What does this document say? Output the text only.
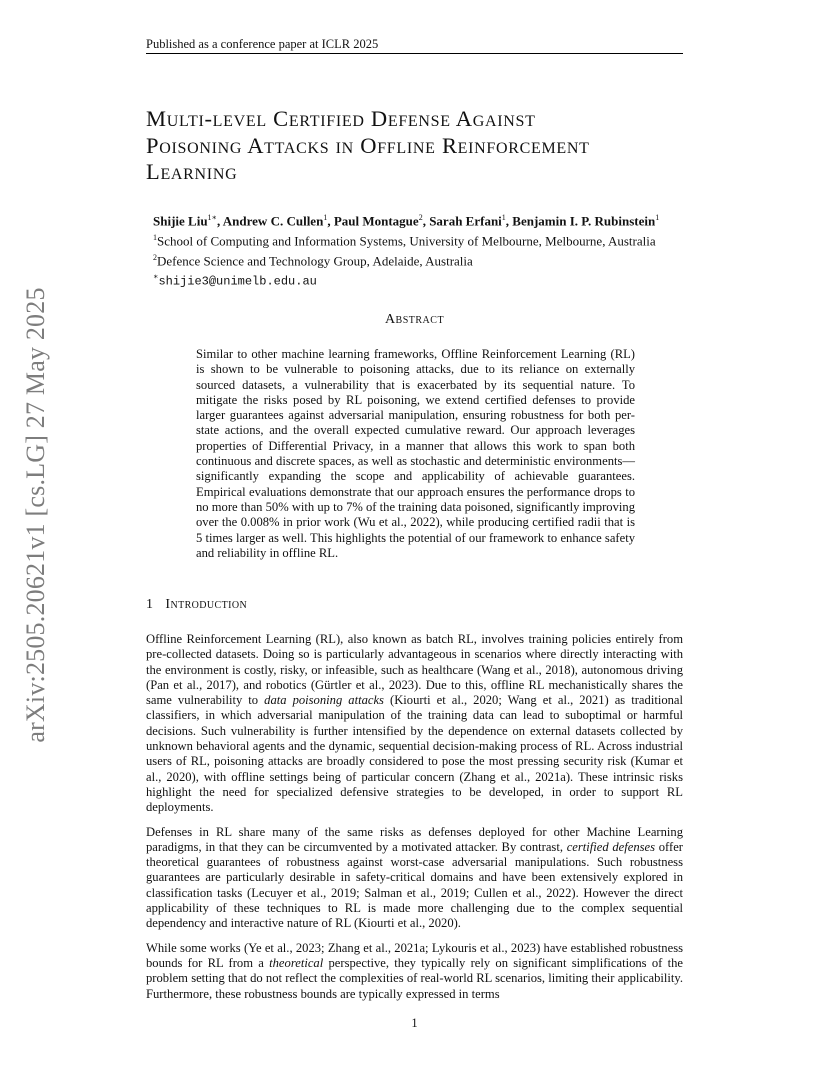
Published as a conference paper at ICLR 2025
arXiv:2505.20621v1 [cs.LG] 27 May 2025
Multi-level Certified Defense Against
Poisoning Attacks in Offline Reinforcement
Learning
Shijie Liu$^{1∗}$, Andrew C. Cullen$^1$, Paul Montague$^2$, Sarah Erfani$^1$, Benjamin I. P. Rubinstein$^1$
$^1$School of Computing and Information Systems, University of Melbourne, Melbourne, Australia
$^2$Defence Science and Technology Group, Adelaide, Australia
∗shijie3@unimelb.edu.au
Abstract
Similar to other machine learning frameworks, Offline Reinforcement Learning (RL) is shown to be vulnerable to poisoning attacks, due to its reliance on externally sourced datasets, a vulnerability that is exacerbated by its sequential nature. To mitigate the risks posed by RL poisoning, we extend certified defenses to provide larger guarantees against adversarial manipulation, ensuring robustness for both per-state actions, and the overall expected cumulative reward. Our approach leverages properties of Differential Privacy, in a manner that allows this work to span both continuous and discrete spaces, as well as stochastic and deterministic environments—significantly expanding the scope and applicability of achievable guarantees. Empirical evaluations demonstrate that our approach ensures the performance drops to no more than 50% with up to 7% of the training data poisoned, significantly improving over the 0.008% in prior work (Wu et al., 2022), while producing certified radii that is 5 times larger as well. This highlights the potential of our framework to enhance safety and reliability in offline RL.
1 Introduction

Offline Reinforcement Learning (RL), also known as batch RL, involves training policies entirely from pre-collected datasets. Doing so is particularly advantageous in scenarios where directly interacting with the environment is costly, risky, or infeasible, such as healthcare (Wang et al., 2018), autonomous driving (Pan et al., 2017), and robotics (Gürtler et al., 2023). Due to this, offline RL mechanistically shares the same vulnerability to data poisoning attacks (Kiourti et al., 2020; Wang et al., 2021) as traditional classifiers, in which adversarial manipulation of the training data can lead to suboptimal or harmful decisions. Such vulnerability is further intensified by the dependence on external datasets collected by unknown behavioral agents and the dynamic, sequential decision-making process of RL. Across industrial users of RL, poisoning attacks are broadly considered to pose the most pressing security risk (Kumar et al., 2020), with offline settings being of particular concern (Zhang et al., 2021a). These intrinsic risks highlight the need for specialized defensive strategies to be developed, in order to support RL deployments.

Defenses in RL share many of the same risks as defenses deployed for other Machine Learning paradigms, in that they can be circumvented by a motivated attacker. By contrast, certified defenses offer theoretical guarantees of robustness against worst-case adversarial manipulations. Such robustness guarantees are particularly desirable in safety-critical domains and have been extensively explored in classification tasks (Lecuyer et al., 2019; Salman et al., 2019; Cullen et al., 2022). However the direct applicability of these techniques to RL is made more challenging due to the complex sequential dependency and interactive nature of RL (Kiourti et al., 2020).

While some works (Ye et al., 2023; Zhang et al., 2021a; Lykouris et al., 2023) have established robustness bounds for RL from a theoretical perspective, they typically rely on significant simplifications of the problem setting that do not reflect the complexities of real-world RL scenarios, limiting their applicability. Furthermore, these robustness bounds are typically expressed in terms

1
